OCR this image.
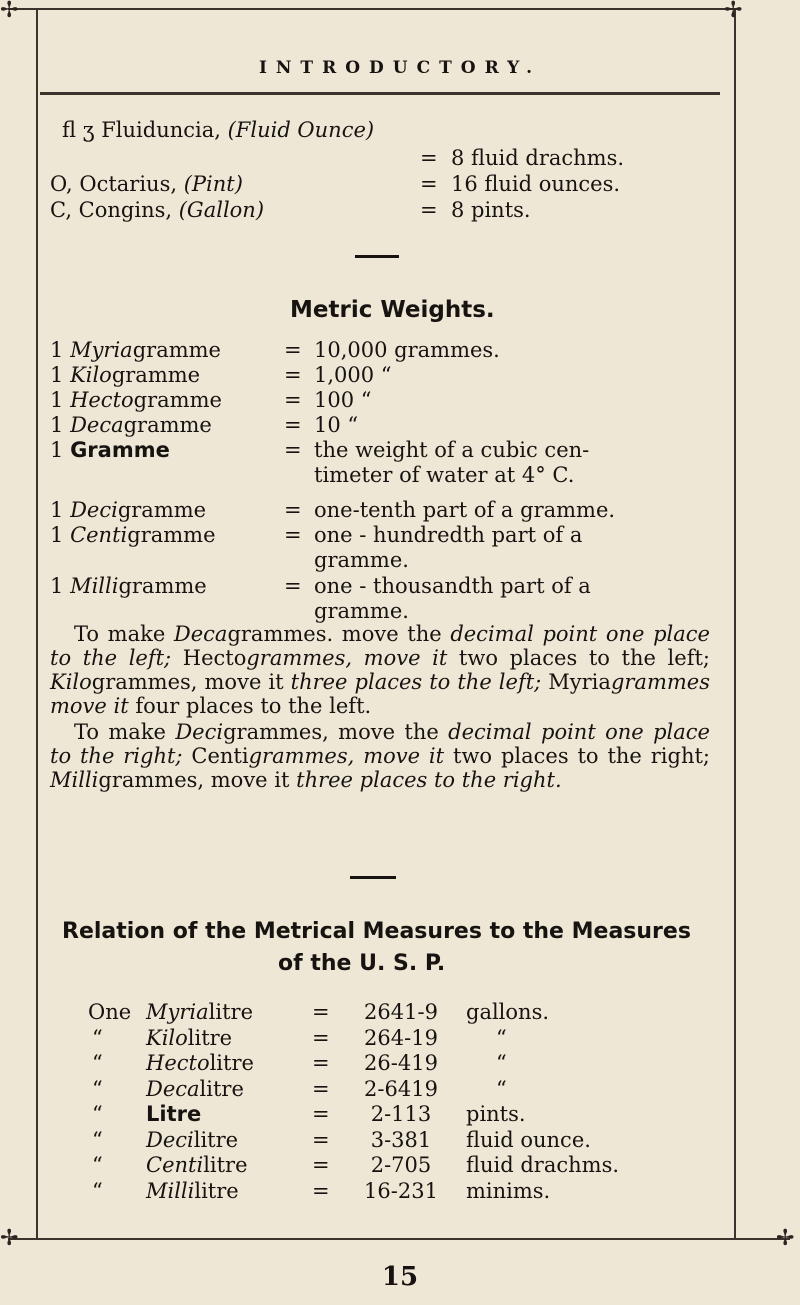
✢	✢
✢	✢
INTRODUCTORY.
fl ʒ Fluiduncia, (Fluid Ounce)
= 8 fluid drachms.
O, Octarius, (Pint)	= 16 fluid ounces.
C, Congins, (Gallon)	= 8 pints.
Metric Weights.
1 Myriagramme	= 10,000 grammes.
1 Kilogramme	= 1,000 “
1 Hectogramme	= 100 “
1 Decagramme	= 10 “
1 Gramme	= the weight of a cubic cen-
timeter of water at 4° C.
1 Decigramme	= one-tenth part of a gramme.
1 Centigramme	= one - hundredth part of a
gramme.
1 Milligramme	= one - thousandth part of a
gramme.
To make Decagrammes. move the decimal point one place to the left; Hectogrammes, move it two places to the left; Kilogrammes, move it three places to the left; Myriagrammes move it four places to the left.
To make Decigrammes, move the decimal point one place to the right; Centigrammes, move it two places to the right; Milligrammes, move it three places to the right.
Relation of the Metrical Measures to the Measures
of the U. S. P.
One Myrialitre	=	2641-9	gallons.
“ Kilolitre	=	264-19	“
“ Hectolitre	=	26-419	“
“ Decalitre	=	2-6419	“
“ Litre	=	2-113	pints.
“ Decilitre	=	3-381	fluid ounce.
“ Centilitre	=	2-705	fluid drachms.
“ Millilitre	=	16-231	minims.
15
